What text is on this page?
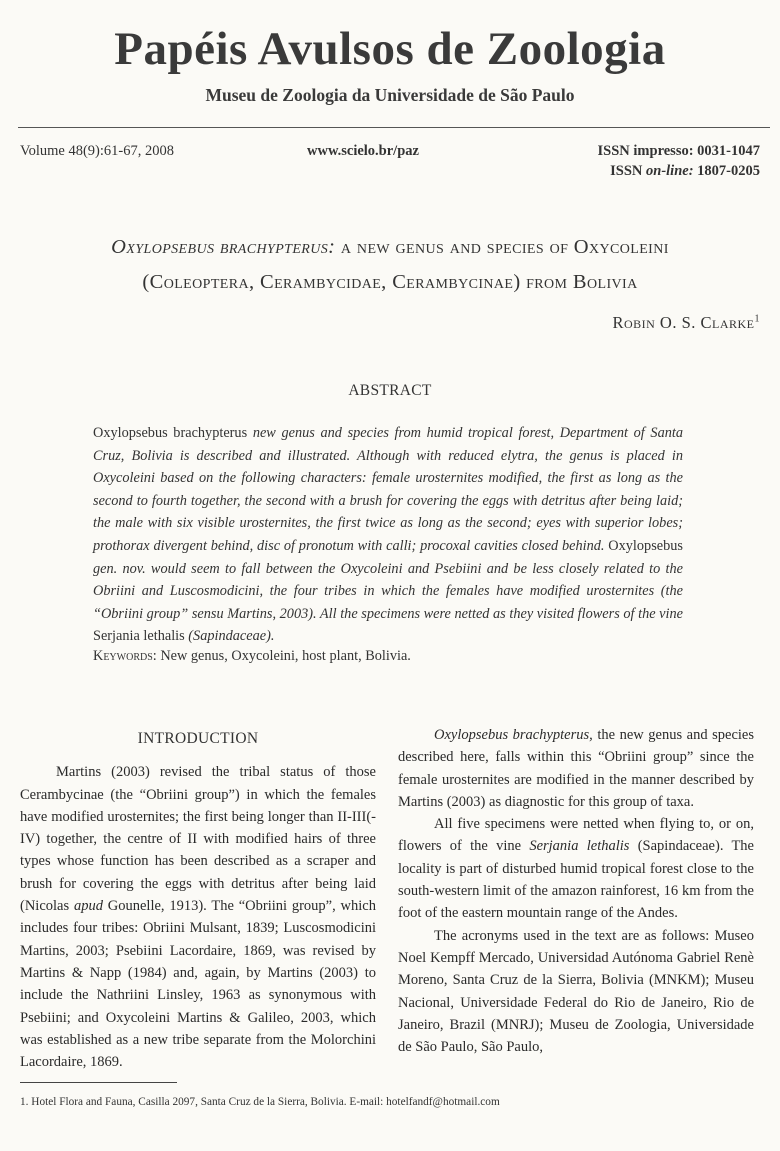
Papéis Avulsos de Zoologia
Museu de Zoologia da Universidade de São Paulo
Volume 48(9):61-67, 2008	www.scielo.br/paz	ISSN impresso: 0031-1047
ISSN on-line: 1807-0205
Oxylopsebus brachypterus: a new genus and species of Oxycoleini
(Coleoptera, Cerambycidae, Cerambycinae) from Bolivia
Robin O. S. Clarke$^1$
ABSTRACT

Oxylopsebus brachypterus new genus and species from humid tropical forest, Department of Santa Cruz, Bolivia is described and illustrated. Although with reduced elytra, the genus is placed in Oxycoleini based on the following characters: female urosternites modified, the first as long as the second to fourth together, the second with a brush for covering the eggs with detritus after being laid; the male with six visible urosternites, the first twice as long as the second; eyes with superior lobes; prothorax divergent behind, disc of pronotum with calli; procoxal cavities closed behind. Oxylopsebus gen. nov. would seem to fall between the Oxycoleini and Psebiini and be less closely related to the Obriini and Luscosmodicini, the four tribes in which the females have modified urosternites (the “Obriini group” sensu Martins, 2003). All the specimens were netted as they visited flowers of the vine Serjania lethalis (Sapindaceae).

Keywords: New genus, Oxycoleini, host plant, Bolivia.

INTRODUCTION

Martins (2003) revised the tribal status of those Cerambycinae (the “Obriini group”) in which the females have modified urosternites; the first being longer than II-III(-IV) together, the centre of II with modified hairs of three types whose function has been described as a scraper and brush for covering the eggs with detritus after being laid (Nicolas apud Gounelle, 1913). The “Obriini group”, which includes four tribes: Obriini Mulsant, 1839; Luscosmodicini Martins, 2003; Psebiini Lacordaire, 1869, was revised by Martins & Napp (1984) and, again, by Martins (2003) to include the Nathriini Linsley, 1963 as synonymous with Psebiini; and Oxycoleini Martins & Galileo, 2003, which was established as a new tribe separate from the Molorchini Lacordaire, 1869.

Oxylopsebus brachypterus, the new genus and species described here, falls within this “Obriini group” since the female urosternites are modified in the manner described by Martins (2003) as diagnostic for this group of taxa.

All five specimens were netted when flying to, or on, flowers of the vine Serjania lethalis (Sapindaceae). The locality is part of disturbed humid tropical forest close to the south-western limit of the amazon rainforest, 16 km from the foot of the eastern mountain range of the Andes.

The acronyms used in the text are as follows: Museo Noel Kempff Mercado, Universidad Autónoma Gabriel Renè Moreno, Santa Cruz de la Sierra, Bolivia (MNKM); Museu Nacional, Universidade Federal do Rio de Janeiro, Rio de Janeiro, Brazil (MNRJ); Museu de Zoologia, Universidade de São Paulo, São Paulo,

1. Hotel Flora and Fauna, Casilla 2097, Santa Cruz de la Sierra, Bolivia. E-mail: hotelfandf@hotmail.com
